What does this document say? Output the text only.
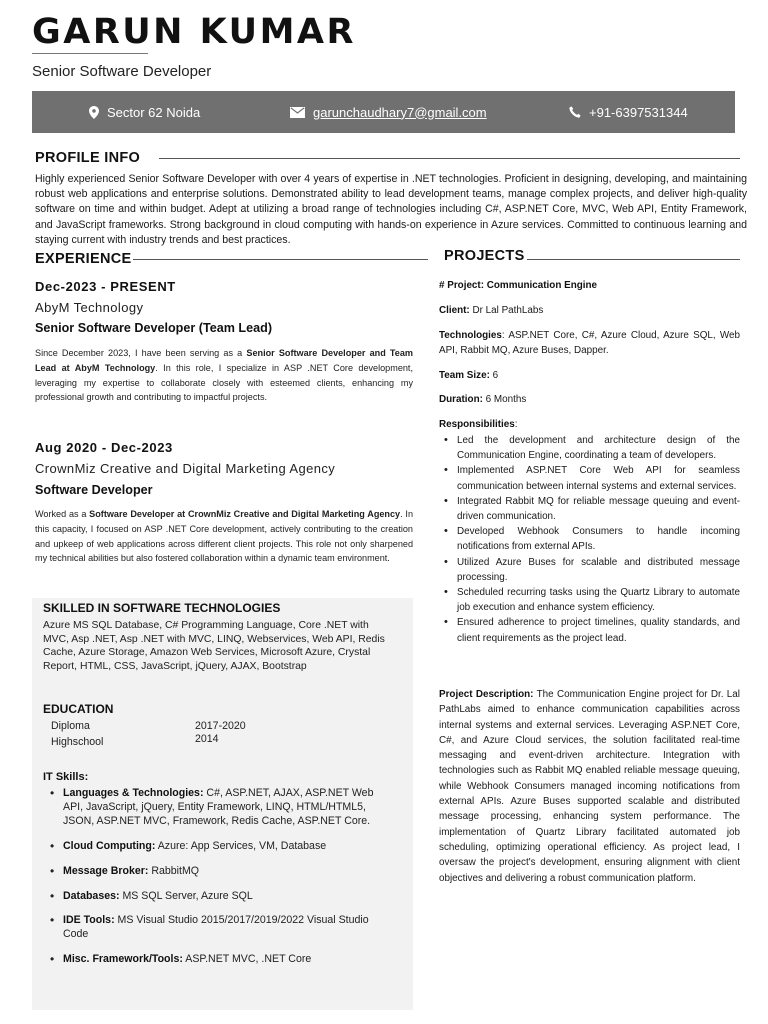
GARUN KUMAR
Senior Software Developer
Sector 62 Noida	garunchaudhary7@gmail.com	+91-6397531344
PROFILE INFO
Highly experienced Senior Software Developer with over 4 years of expertise in .NET technologies. Proficient in designing, developing, and maintaining robust web applications and enterprise solutions. Demonstrated ability to lead development teams, manage complex projects, and deliver high-quality software on time and within budget. Adept at utilizing a broad range of technologies including C#, ASP.NET Core, MVC, Web API, Entity Framework, and JavaScript frameworks. Strong background in cloud computing with hands-on experience in Azure services. Committed to continuous learning and staying current with industry trends and best practices.
EXPERIENCE
Dec-2023 - PRESENT
AbyM Technology
Senior Software Developer (Team Lead)
Since December 2023, I have been serving as a Senior Software Developer and Team Lead at AbyM Technology. In this role, I specialize in ASP .NET Core development, leveraging my expertise to collaborate closely with esteemed clients, enhancing my professional growth and contributing to impactful projects.
Aug 2020 - Dec-2023
CrownMiz Creative and Digital Marketing Agency
Software Developer
Worked as a Software Developer at CrownMiz Creative and Digital Marketing Agency. In this capacity, I focused on ASP .NET Core development, actively contributing to the creation and upkeep of web applications across different client projects. This role not only sharpened my technical abilities but also fostered collaboration within a dynamic team environment.
SKILLED IN SOFTWARE TECHNOLOGIES
Azure MS SQL Database, C# Programming Language, Core .NET with MVC, Asp .NET, Asp .NET with MVC, LINQ, Webservices, Web API, Redis Cache, Azure Storage, Amazon Web Services, Microsoft Azure, Crystal Report, HTML, CSS, JavaScript, jQuery, AJAX, Bootstrap
EDUCATION
Diploma	2017-2020
Highschool	2014
IT Skills:
• Languages & Technologies: C#, ASP.NET, AJAX, ASP.NET Web API, JavaScript, jQuery, Entity Framework, LINQ, HTML/HTML5, JSON, ASP.NET MVC, Framework, Redis Cache, ASP.NET Core.
• Cloud Computing: Azure: App Services, VM, Database
• Message Broker: RabbitMQ
• Databases: MS SQL Server, Azure SQL
• IDE Tools: MS Visual Studio 2015/2017/2019/2022 Visual Studio Code
• Misc. Framework/Tools: ASP.NET MVC, .NET Core
PROJECTS
# Project: Communication Engine
Client: Dr Lal PathLabs
Technologies: ASP.NET Core, C#, Azure Cloud, Azure SQL, Web API, Rabbit MQ, Azure Buses, Dapper.
Team Size: 6
Duration: 6 Months
Responsibilities:
• Led the development and architecture design of the Communication Engine, coordinating a team of developers.
• Implemented ASP.NET Core Web API for seamless communication between internal systems and external services.
• Integrated Rabbit MQ for reliable message queuing and event-driven communication.
• Developed Webhook Consumers to handle incoming notifications from external APIs.
• Utilized Azure Buses for scalable and distributed message processing.
• Scheduled recurring tasks using the Quartz Library to automate job execution and enhance system efficiency.
• Ensured adherence to project timelines, quality standards, and client requirements as the project lead.
Project Description: The Communication Engine project for Dr. Lal PathLabs aimed to enhance communication capabilities across internal systems and external services. Leveraging ASP.NET Core, C#, and Azure Cloud services, the solution facilitated real-time messaging and event-driven architecture. Integration with technologies such as Rabbit MQ enabled reliable message queuing, while Webhook Consumers managed incoming notifications from external APIs. Azure Buses supported scalable and distributed message processing, enhancing system performance. The implementation of Quartz Library facilitated automated job scheduling, optimizing operational efficiency. As project lead, I oversaw the project's development, ensuring alignment with client objectives and delivering a robust communication platform.
